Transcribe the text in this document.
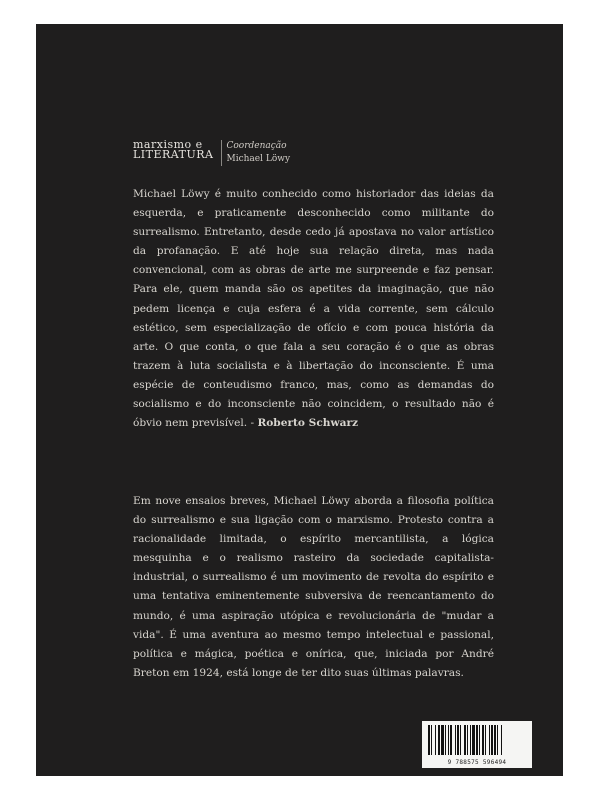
marxismo e
LITERATURA
Coordenação
Michael Löwy

Michael Löwy é muito conhecido como historiador das ideias da esquerda, e praticamente desconhecido como militante do surrealismo. Entretanto, desde cedo já apostava no valor artístico da profanação. E até hoje sua relação direta, mas nada convencional, com as obras de arte me surpreende e faz pensar. Para ele, quem manda são os apetites da imaginação, que não pedem licença e cuja esfera é a vida corrente, sem cálculo estético, sem especialização de ofício e com pouca história da arte. O que conta, o que fala a seu coração é o que as obras trazem à luta socialista e à libertação do inconsciente. É uma espécie de conteudismo franco, mas, como as demandas do socialismo e do inconsciente não coincidem, o resultado não é óbvio nem previsível. - Roberto Schwarz

Em nove ensaios breves, Michael Löwy aborda a filosofia política do surrealismo e sua ligação com o marxismo. Protesto contra a racionalidade limitada, o espírito mercantilista, a lógica mesquinha e o realismo rasteiro da sociedade capitalista-industrial, o surrealismo é um movimento de revolta do espírito e uma tentativa eminentemente subversiva de reencantamento do mundo, é uma aspiração utópica e revolucionária de "mudar a vida". É uma aventura ao mesmo tempo intelectual e passional, política e mágica, poética e onírica, que, iniciada por André Breton em 1924, está longe de ter dito suas últimas palavras.

9 788575 596494
